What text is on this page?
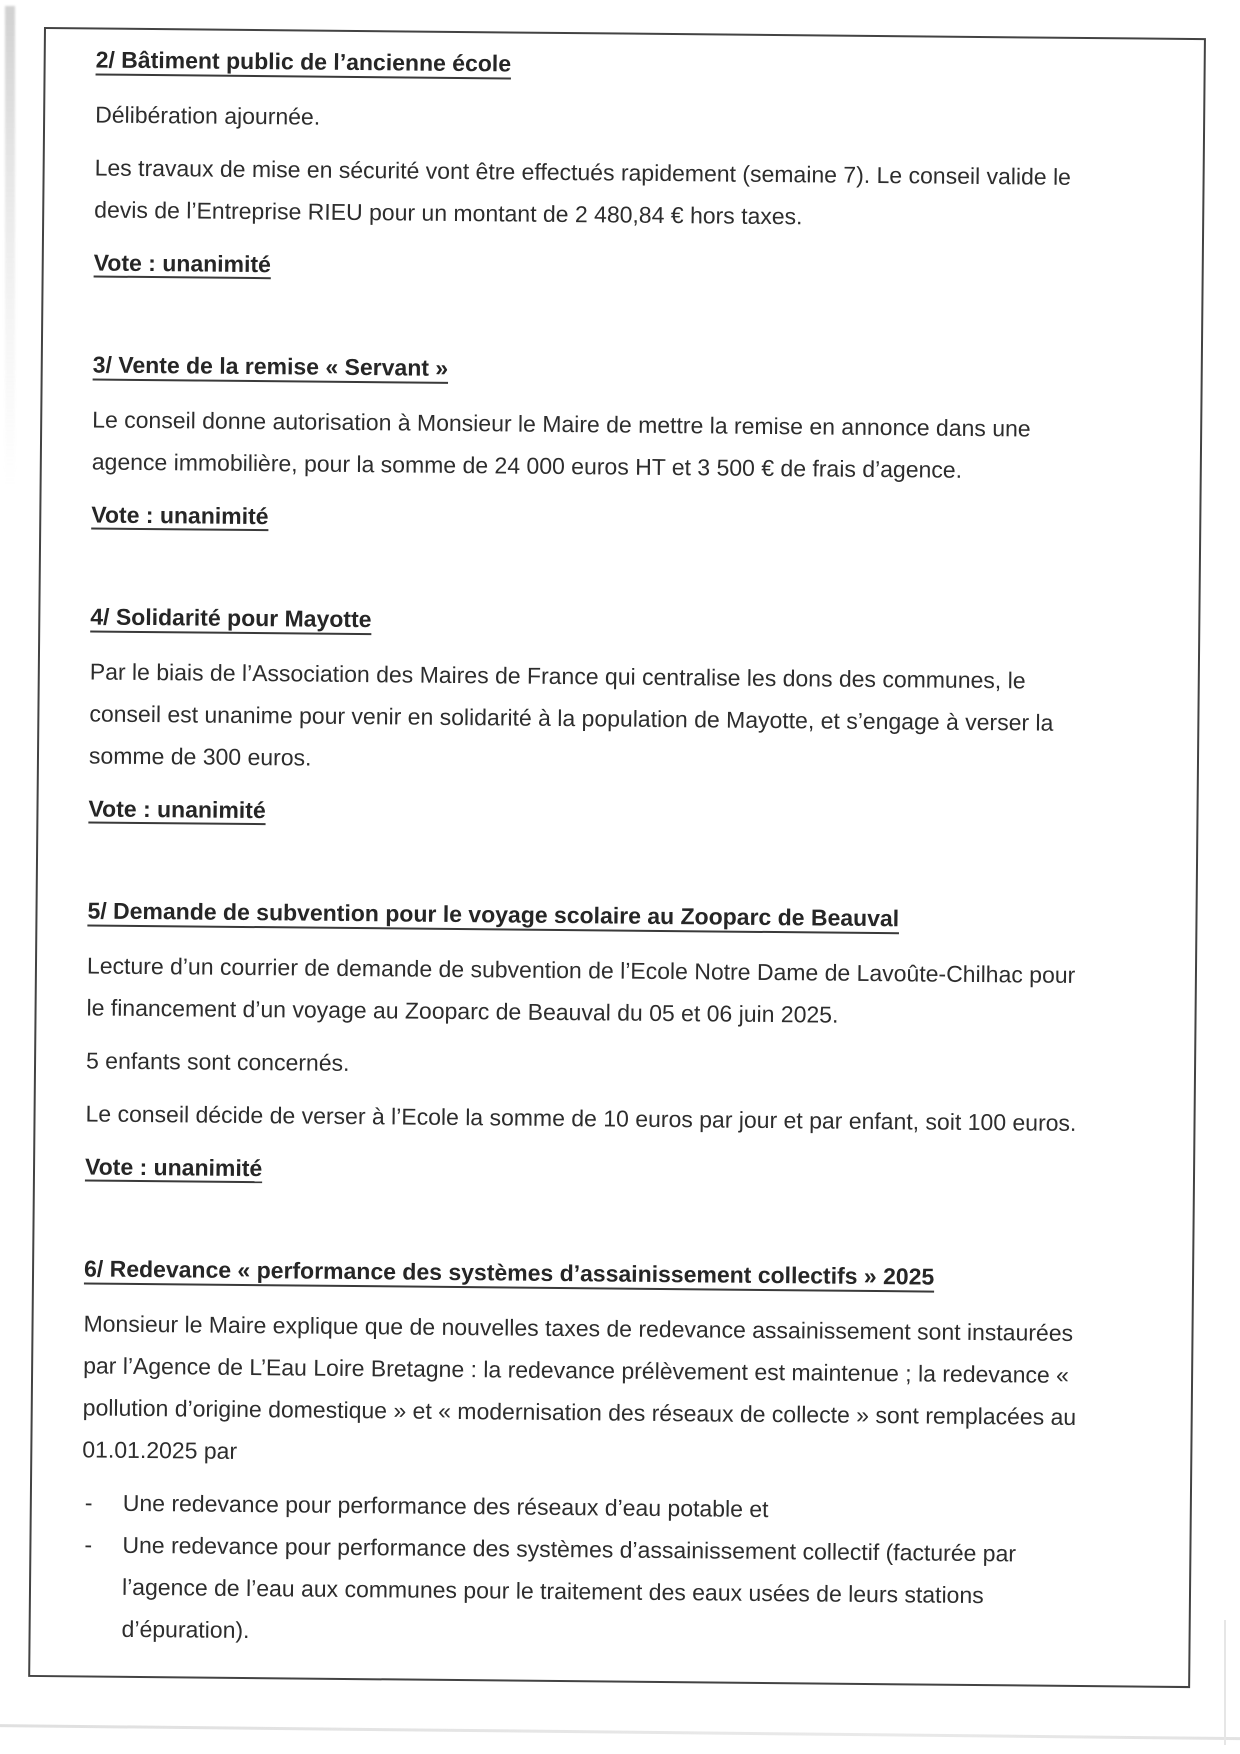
2/ Bâtiment public de l’ancienne école

Délibération ajournée.

Les travaux de mise en sécurité vont être effectués rapidement (semaine 7). Le conseil valide le devis de l’Entreprise RIEU pour un montant de 2 480,84 € hors taxes.

Vote : unanimité

3/ Vente de la remise « Servant »

Le conseil donne autorisation à Monsieur le Maire de mettre la remise en annonce dans une agence immobilière, pour la somme de 24 000 euros HT et 3 500 € de frais d’agence.

Vote : unanimité

4/ Solidarité pour Mayotte

Par le biais de l’Association des Maires de France qui centralise les dons des communes, le conseil est unanime pour venir en solidarité à la population de Mayotte, et s’engage à verser la somme de 300 euros.

Vote : unanimité

5/ Demande de subvention pour le voyage scolaire au Zooparc de Beauval

Lecture d’un courrier de demande de subvention de l’Ecole Notre Dame de Lavoûte-Chilhac pour le financement d’un voyage au Zooparc de Beauval du 05 et 06 juin 2025.

5 enfants sont concernés.

Le conseil décide de verser à l’Ecole la somme de 10 euros par jour et par enfant, soit 100 euros.

Vote : unanimité

6/ Redevance « performance des systèmes d’assainissement collectifs » 2025

Monsieur le Maire explique que de nouvelles taxes de redevance assainissement sont instaurées par l’Agence de L’Eau Loire Bretagne : la redevance prélèvement est maintenue ; la redevance « pollution d’origine domestique » et « modernisation des réseaux de collecte » sont remplacées au 01.01.2025 par

-	Une redevance pour performance des réseaux d’eau potable et
-	Une redevance pour performance des systèmes d’assainissement collectif (facturée par l’agence de l’eau aux communes pour le traitement des eaux usées de leurs stations d’épuration).
